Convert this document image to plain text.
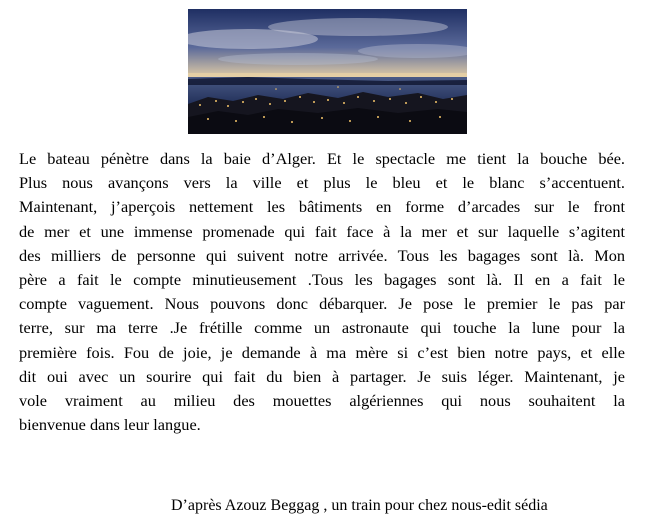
Le bateau pénètre dans la baie d’Alger. Et le spectacle me tient la bouche bée.
Plus nous avançons vers la ville et plus le bleu et le blanc s’accentuent.
Maintenant, j’aperçois nettement les bâtiments en forme d’arcades sur le front
de mer et une immense promenade qui fait face à la mer et sur laquelle s’agitent
des milliers de personne qui suivent notre arrivée. Tous les bagages sont là. Mon
père a fait le compte minutieusement .Tous les bagages sont là. Il en a fait le
compte vaguement. Nous pouvons donc débarquer. Je pose le premier le pas par
terre, sur ma terre .Je frétille comme un astronaute qui touche la lune pour la
première fois. Fou de joie, je demande à ma mère si c’est bien notre pays, et elle
dit oui avec un sourire qui fait du bien à partager. Je suis léger. Maintenant, je
vole vraiment au milieu des mouettes algériennes qui nous souhaitent la
bienvenue dans leur langue.
D’après Azouz Beggag , un train pour chez nous-edit sédia
